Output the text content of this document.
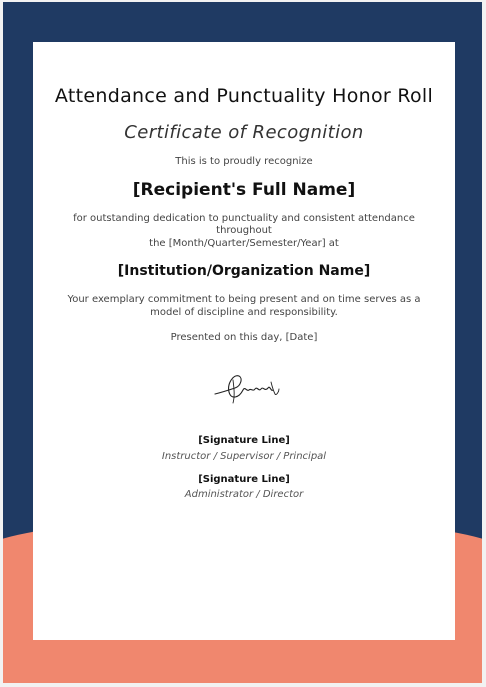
Attendance and Punctuality Honor Roll
Certificate of Recognition
This is to proudly recognize
[Recipient's Full Name]
for outstanding dedication to punctuality and consistent attendance throughout
the [Month/Quarter/Semester/Year] at
[Institution/Organization Name]
Your exemplary commitment to being present and on time serves as a model of discipline and responsibility.
Presented on this day, [Date]
[Signature Line]
Instructor / Supervisor / Principal
[Signature Line]
Administrator / Director
